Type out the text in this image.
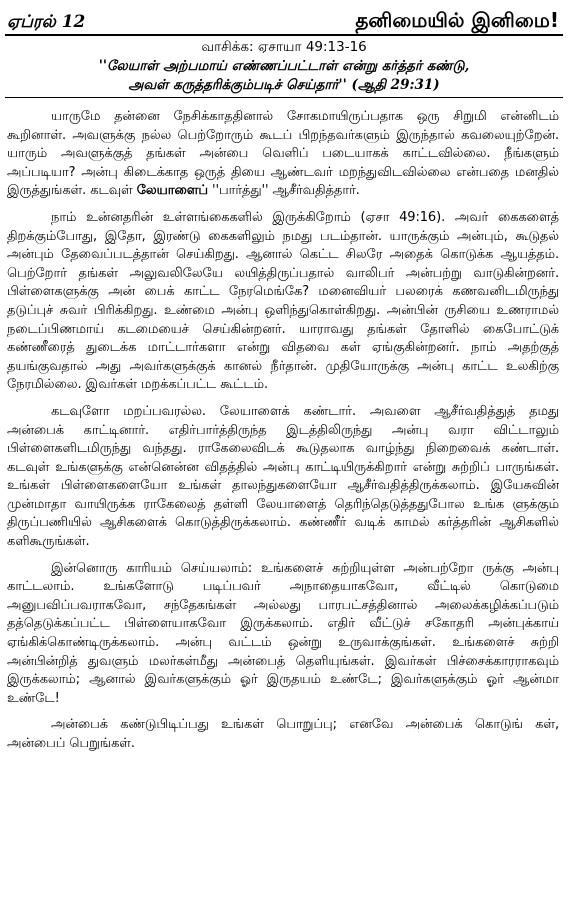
ஏப்ரல் 12	தனிமையில் இனிமை!
வாசிக்க: ஏசாயா 49:13-16
''லேயாள் அற்பமாய் எண்ணப்பட்டாள் என்று கர்த்தர் கண்டு,
அவள் கருத்தரிக்கும்படிச் செய்தார்'' (ஆதி 29:31)

யாருமே தன்னை நேசிக்காததினால் சோகமாயிருப்பதாக ஒரு சிறுமி என்னிடம் கூறினாள். அவளுக்கு நல்ல பெற்றோரும் கூடப் பிறந்தவர்களும் இருந்தால் கவலையுற்றேன். யாரும் அவளுக்குத் தங்கள் அன்பை வெளிப் படையாகக் காட்டவில்லை. நீங்களும் அப்படியா? அன்பு கிடைக்காத ஒருத் தியை ஆண்டவர் மறந்துவிடவில்லை என்பதை மனதில் இருத்துங்கள். கடவுள் லேயாளைப் ''பார்த்து'' ஆசீர்வதித்தார்.

நாம் உன்னதரின் உள்ளங்கைகளில் இருக்கிறோம் (ஏசா 49:16). அவர் கைகளைத் திறக்கும்போது, இதோ, இரண்டு கைகளிலும் நமது படம்தான். யாருக்கும் அன்பும், கூடுதல் அன்பும் தேவைப்படத்தான் செய்கிறது. ஆனால் கெட்ட சிலரே அதைக் கொடுக்க ஆயத்தம். பெற்றோர் தங்கள் அலுவலிலேயே லயித்திருப்பதால் வாலிபர் அன்பற்று வாடுகின்றனர். பிள்ளைகளுக்கு அன் பைக் காட்ட நேரமெங்கே? மனைவியர் பலரைக் கணவனிடமிருந்து தடுப்புச் சுவர் பிரிக்கிறது. உண்மை அன்பு ஒளிந்துகொள்கிறது. அன்பின் ருசியை உணராமல் நடைப்பிணமாய் கடமையைச் செய்கின்றனர். யாராவது தங்கள் தோளில் கைபோட்டுக் கண்ணீரைத் துடைக்க மாட்டார்களா என்று விதவை கள் ஏங்குகின்றனர். நாம் அதற்குத் தயங்குவதால் அது அவர்களுக்குக் கானல் நீர்தான். முதியோருக்கு அன்பு காட்ட உலகிற்கு நேரமில்லை. இவர்கள் மறக்கப்பட்ட கூட்டம்.

கடவுளோ மறப்பவரல்ல. லேயாளைக் கண்டார். அவளை ஆசீர்வதித்துத் தமது அன்பைக் காட்டினார். எதிர்பார்த்திருந்த இடத்திலிருந்து அன்பு வரா விட்டாலும் பிள்ளைகளிடமிருந்து வந்தது. ராகேலைவிடக் கூடுதலாக வாழ்ந்து நிறைவைக் கண்டாள். கடவுள் உங்களுக்கு என்னென்ன விதத்தில் அன்பு காட்டியிருக்கிறார் என்று சுற்றிப் பாருங்கள். உங்கள் பிள்ளைகளையோ உங்கள் தாலந்துகளையோ ஆசீர்வதித்திருக்கலாம். இயேசுவின் முன்மாதா வாயிருக்க ராகேலைத் தள்ளி லேயாளைத் தெரிந்தெடுத்ததுபோல உங்க ளுக்கும் திருப்பணியில் ஆசிகளைக் கொடுத்திருக்கலாம். கண்ணீர் வடிக் காமல் கர்த்தரின் ஆசிகளில் களிகூருங்கள்.

இன்னொரு காரியம் செய்யலாம்: உங்களைச் சுற்றியுள்ள அன்பற்றோ ருக்கு அன்பு காட்டலாம். உங்களோடு படிப்பவர் அநாதையாகவோ, வீட்டில் கொடுமை அனுபவிப்பவராகவோ, சந்தேகங்கள் அல்லது பாரபட்சத்தினால் அலைக்கழிக்கப்படும் தத்தெடுக்கப்பட்ட பிள்ளையாகவோ இருக்கலாம். எதிர் வீட்டுச் சகோதரி அன்புக்காய் ஏங்கிக்கொண்டிருக்கலாம். அன்பு வட்டம் ஒன்று உருவாக்குங்கள். உங்களைச் சுற்றி அன்பின்றித் துவளும் மலர்கள்மீது அன்பைத் தெளியுங்கள். இவர்கள் பிச்சைக்காரராகவும் இருக்கலாம்; ஆனால் இவர்களுக்கும் ஓர் இருதயம் உண்டே; இவர்களுக்கும் ஓர் ஆன்மா உண்டே!

அன்பைக் கண்டுபிடிப்பது உங்கள் பொறுப்பு; எனவே அன்பைக் கொடுங் கள், அன்பைப் பெறுங்கள்.
